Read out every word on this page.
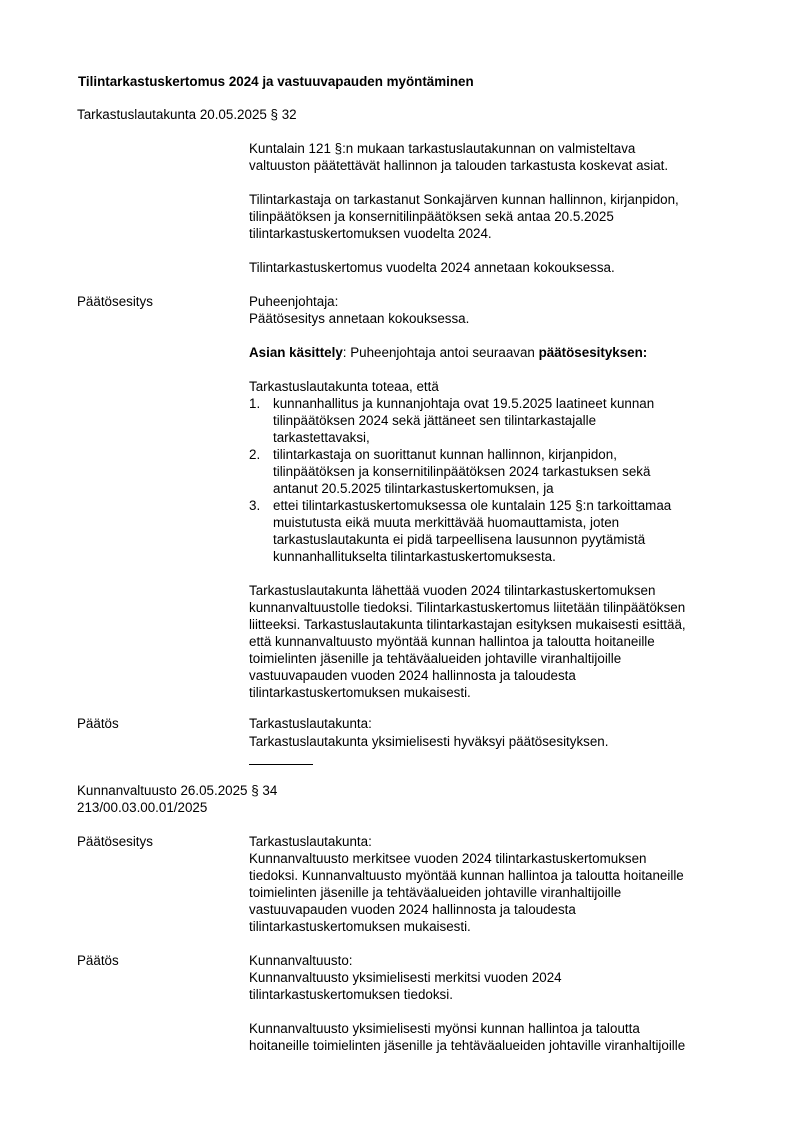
Tilintarkastuskertomus 2024 ja vastuuvapauden myöntäminen
Tarkastuslautakunta 20.05.2025 § 32
Kuntalain 121 §:n mukaan tarkastuslautakunnan on valmisteltava
valtuuston päätettävät hallinnon ja talouden tarkastusta koskevat asiat.
Tilintarkastaja on tarkastanut Sonkajärven kunnan hallinnon, kirjanpidon,
tilinpäätöksen ja konsernitilinpäätöksen sekä antaa 20.5.2025
tilintarkastuskertomuksen vuodelta 2024.
Tilintarkastuskertomus vuodelta 2024 annetaan kokouksessa.
Päätösesitys	Puheenjohtaja:
Päätösesitys annetaan kokouksessa.
Asian käsittely: Puheenjohtaja antoi seuraavan päätösesityksen:
Tarkastuslautakunta toteaa, että
1. kunnanhallitus ja kunnanjohtaja ovat 19.5.2025 laatineet kunnan
tilinpäätöksen 2024 sekä jättäneet sen tilintarkastajalle
tarkastettavaksi,
2. tilintarkastaja on suorittanut kunnan hallinnon, kirjanpidon,
tilinpäätöksen ja konsernitilinpäätöksen 2024 tarkastuksen sekä
antanut 20.5.2025 tilintarkastuskertomuksen, ja
3. ettei tilintarkastuskertomuksessa ole kuntalain 125 §:n tarkoittamaa
muistutusta eikä muuta merkittävää huomauttamista, joten
tarkastuslautakunta ei pidä tarpeellisena lausunnon pyytämistä
kunnanhallitukselta tilintarkastuskertomuksesta.
Tarkastuslautakunta lähettää vuoden 2024 tilintarkastuskertomuksen
kunnanvaltuustolle tiedoksi. Tilintarkastuskertomus liitetään tilinpäätöksen
liitteeksi. Tarkastuslautakunta tilintarkastajan esityksen mukaisesti esittää,
että kunnanvaltuusto myöntää kunnan hallintoa ja taloutta hoitaneille
toimielinten jäsenille ja tehtäväalueiden johtaville viranhaltijoille
vastuuvapauden vuoden 2024 hallinnosta ja taloudesta
tilintarkastuskertomuksen mukaisesti.
Päätös	Tarkastuslautakunta:
Tarkastuslautakunta yksimielisesti hyväksyi päätösesityksen.
Kunnanvaltuusto 26.05.2025 § 34
213/00.03.00.01/2025
Päätösesitys	Tarkastuslautakunta:
Kunnanvaltuusto merkitsee vuoden 2024 tilintarkastuskertomuksen
tiedoksi. Kunnanvaltuusto myöntää kunnan hallintoa ja taloutta hoitaneille
toimielinten jäsenille ja tehtäväalueiden johtaville viranhaltijoille
vastuuvapauden vuoden 2024 hallinnosta ja taloudesta
tilintarkastuskertomuksen mukaisesti.
Päätös	Kunnanvaltuusto:
Kunnanvaltuusto yksimielisesti merkitsi vuoden 2024
tilintarkastuskertomuksen tiedoksi.
Kunnanvaltuusto yksimielisesti myönsi kunnan hallintoa ja taloutta
hoitaneille toimielinten jäsenille ja tehtäväalueiden johtaville viranhaltijoille
